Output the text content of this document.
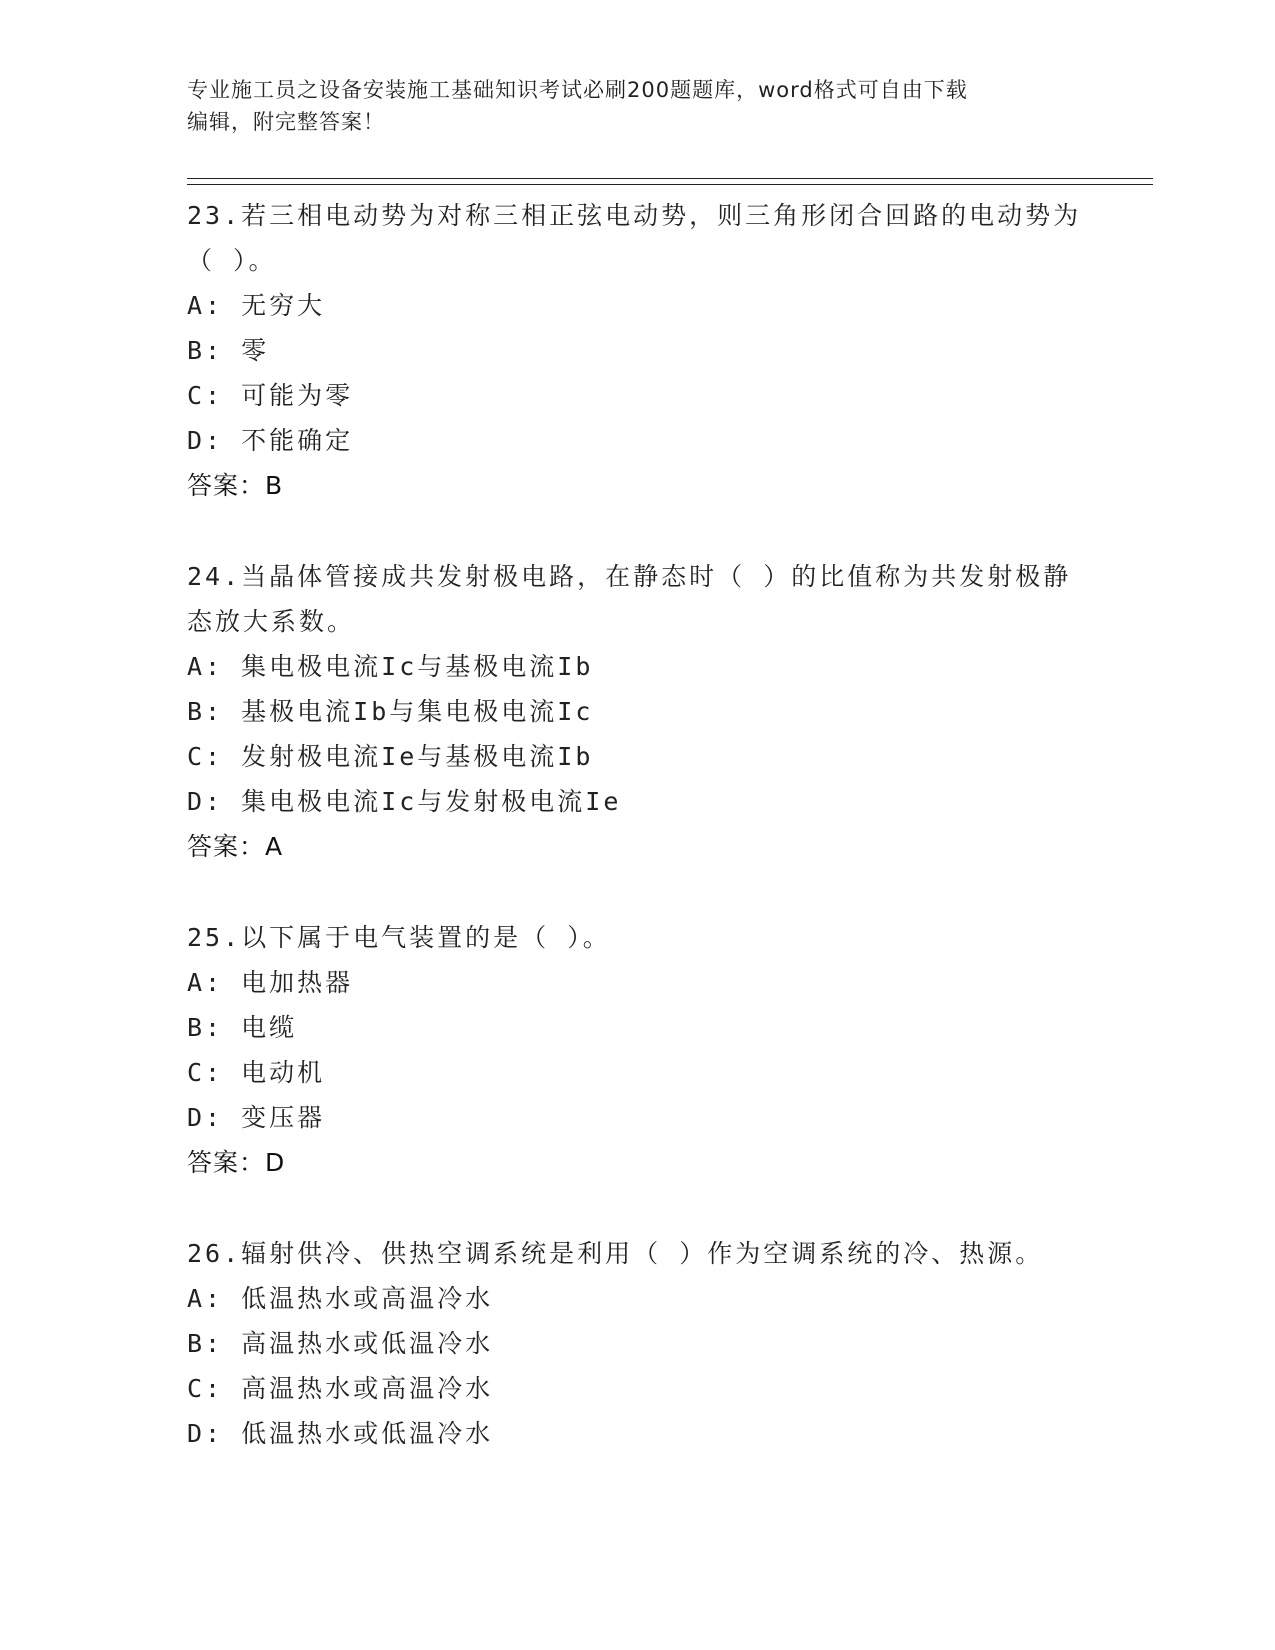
专业施工员之设备安装施工基础知识考试必刷200题题库，word格式可自由下载
编辑，附完整答案！
23.若三相电动势为对称三相正弦电动势，则三角形闭合回路的电动势为（ ）。
A: 无穷大
B: 零
C: 可能为零
D: 不能确定
答案：B
24.当晶体管接成共发射极电路，在静态时（ ）的比值称为共发射极静态放大系数。
A: 集电极电流Ic与基极电流Ib
B: 基极电流Ib与集电极电流Ic
C: 发射极电流Ie与基极电流Ib
D: 集电极电流Ic与发射极电流Ie
答案：A
25.以下属于电气装置的是（ ）。
A: 电加热器
B: 电缆
C: 电动机
D: 变压器
答案：D
26.辐射供冷、供热空调系统是利用（ ）作为空调系统的冷、热源。
A: 低温热水或高温冷水
B: 高温热水或低温冷水
C: 高温热水或高温冷水
D: 低温热水或低温冷水
